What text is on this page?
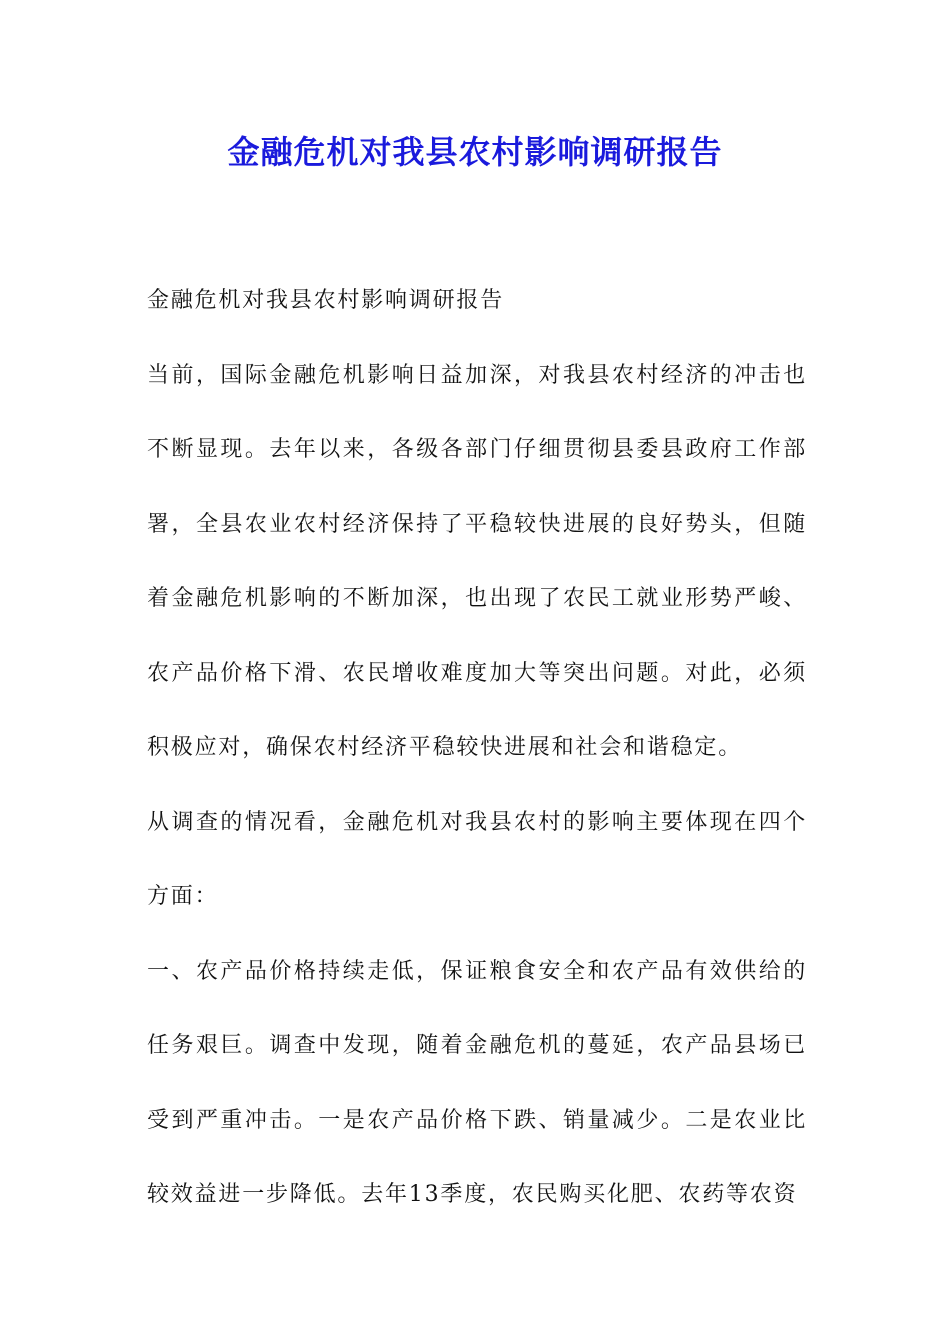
金融危机对我县农村影响调研报告

金融危机对我县农村影响调研报告

当前，国际金融危机影响日益加深，对我县农村经济的冲击也不断显现。去年以来，各级各部门仔细贯彻县委县政府工作部署，全县农业农村经济保持了平稳较快进展的良好势头，但随着金融危机影响的不断加深，也出现了农民工就业形势严峻、农产品价格下滑、农民增收难度加大等突出问题。对此，必须积极应对，确保农村经济平稳较快进展和社会和谐稳定。

从调查的情况看，金融危机对我县农村的影响主要体现在四个方面：

一、农产品价格持续走低，保证粮食安全和农产品有效供给的任务艰巨。调查中发现，随着金融危机的蔓延，农产品县场已受到严重冲击。一是农产品价格下跌、销量减少。二是农业比较效益进一步降低。去年13季度，农民购买化肥、农药等农资
